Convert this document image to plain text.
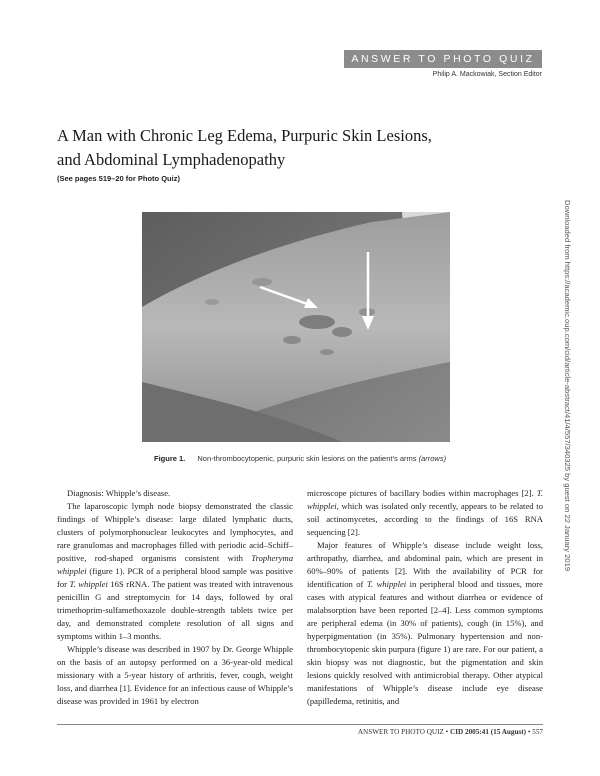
ANSWER TO PHOTO QUIZ
Philip A. Mackowiak, Section Editor
A Man with Chronic Leg Edema, Purpuric Skin Lesions,
and Abdominal Lymphadenopathy
(See pages 519–20 for Photo Quiz)
Figure 1. Non-thrombocytopenic, purpuric skin lesions on the patient’s arms (arrows)

Diagnosis: Whipple’s disease.

The laparoscopic lymph node biopsy demonstrated the classic findings of Whipple’s disease: large dilated lymphatic ducts, clusters of polymorphonuclear leukocytes and lymphocytes, and rare granulomas and macrophages filled with periodic acid–Schiff–positive, rod-shaped organisms consistent with Tropheryma whipplei (figure 1). PCR of a peripheral blood sample was positive for T. whipplei 16S rRNA. The patient was treated with intravenous penicillin G and streptomycin for 14 days, followed by oral trimethoprim-sulfamethoxazole double-strength tablets twice per day, and demonstrated complete resolution of all signs and symptoms within 1–3 months.

Whipple’s disease was described in 1907 by Dr. George Whipple on the basis of an autopsy performed on a 36-year-old medical missionary with a 5-year history of arthritis, fever, cough, weight loss, and diarrhea [1]. Evidence for an infectious cause of Whipple’s disease was provided in 1961 by electron

microscope pictures of bacillary bodies within macrophages [2]. T. whipplei, which was isolated only recently, appears to be related to soil actinomycetes, according to the findings of 16S RNA sequencing [2].

Major features of Whipple’s disease include weight loss, arthropathy, diarrhea, and abdominal pain, which are present in 60%–90% of patients [2]. With the availability of PCR for identification of T. whipplei in peripheral blood and tissues, more cases with atypical features and without diarrhea or evidence of malabsorption have been reported [2–4]. Less common symptoms are peripheral edema (in 30% of patients), cough (in 15%), and hyperpigmentation (in 35%). Pulmonary hypertension and non-thrombocytopenic skin purpura (figure 1) are rare. For our patient, a skin biopsy was not diagnostic, but the pigmentation and skin lesions quickly resolved with antimicrobial therapy. Other atypical manifestations of Whipple’s disease include eye disease (papilledema, retinitis, and

ANSWER TO PHOTO QUIZ • CID 2005:41 (15 August) • 557
Downloaded from https://academic.oup.com/cid/article-abstract/41/4/557/340325 by guest on 22 January 2019
